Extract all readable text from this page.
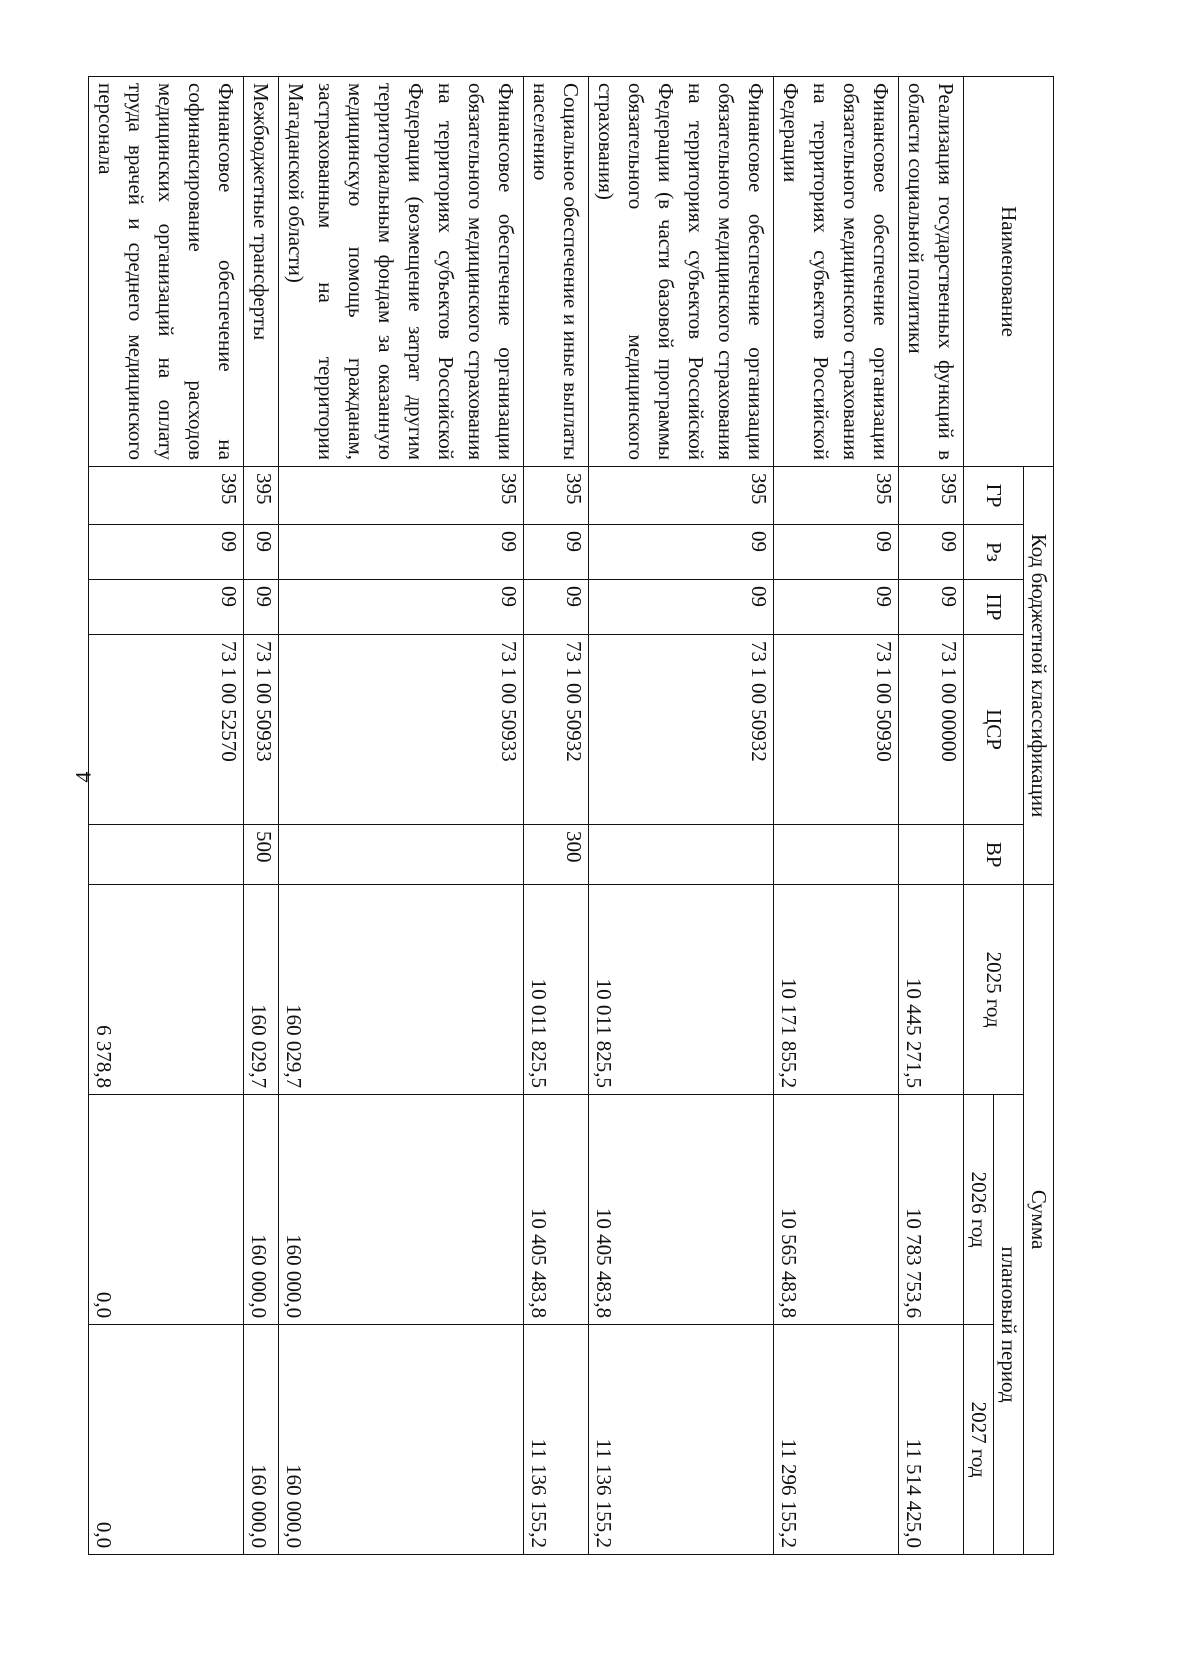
4
Наименование	Код бюджетной классификации					Сумма		
	ГР	Рз	ПР	ЦСР	ВР	2025 год	плановый период	
							2026 год	2027 год
Реализация государственных функций в области социальной политики	395	09	09	73 1 00 00000		10 445 271,5	10 783 753,6	11 514 425,0
Финансовое обеспечение организации обязательного медицинского страхования на территориях субъектов Российской Федерации	395	09	09	73 1 00 50930		10 171 855,2	10 565 483,8	11 296 155,2
Финансовое обеспечение организации обязательного медицинского страхования на территориях субъектов Российской Федерации (в части базовой программы обязательного медицинского страхования)	395	09	09	73 1 00 50932		10 011 825,5	10 405 483,8	11 136 155,2
Социальное обеспечение и иные выплаты населению	395	09	09	73 1 00 50932	300	10 011 825,5	10 405 483,8	11 136 155,2
Финансовое обеспечение организации обязательного медицинского страхования на территориях субъектов Российской Федерации (возмещение затрат другим территориальным фондам за оказанную медицинскую помощь гражданам, застрахованным на территории Магаданской области)	395	09	09	73 1 00 50933		160 029,7	160 000,0	160 000,0
Межбюджетные трансферты	395	09	09	73 1 00 50933	500	160 029,7	160 000,0	160 000,0
Финансовое обеспечение на софинансирование расходов медицинских организаций на оплату труда врачей и среднего медицинского персонала	395	09	09	73 1 00 52570		6 378,8	0,0	0,0
